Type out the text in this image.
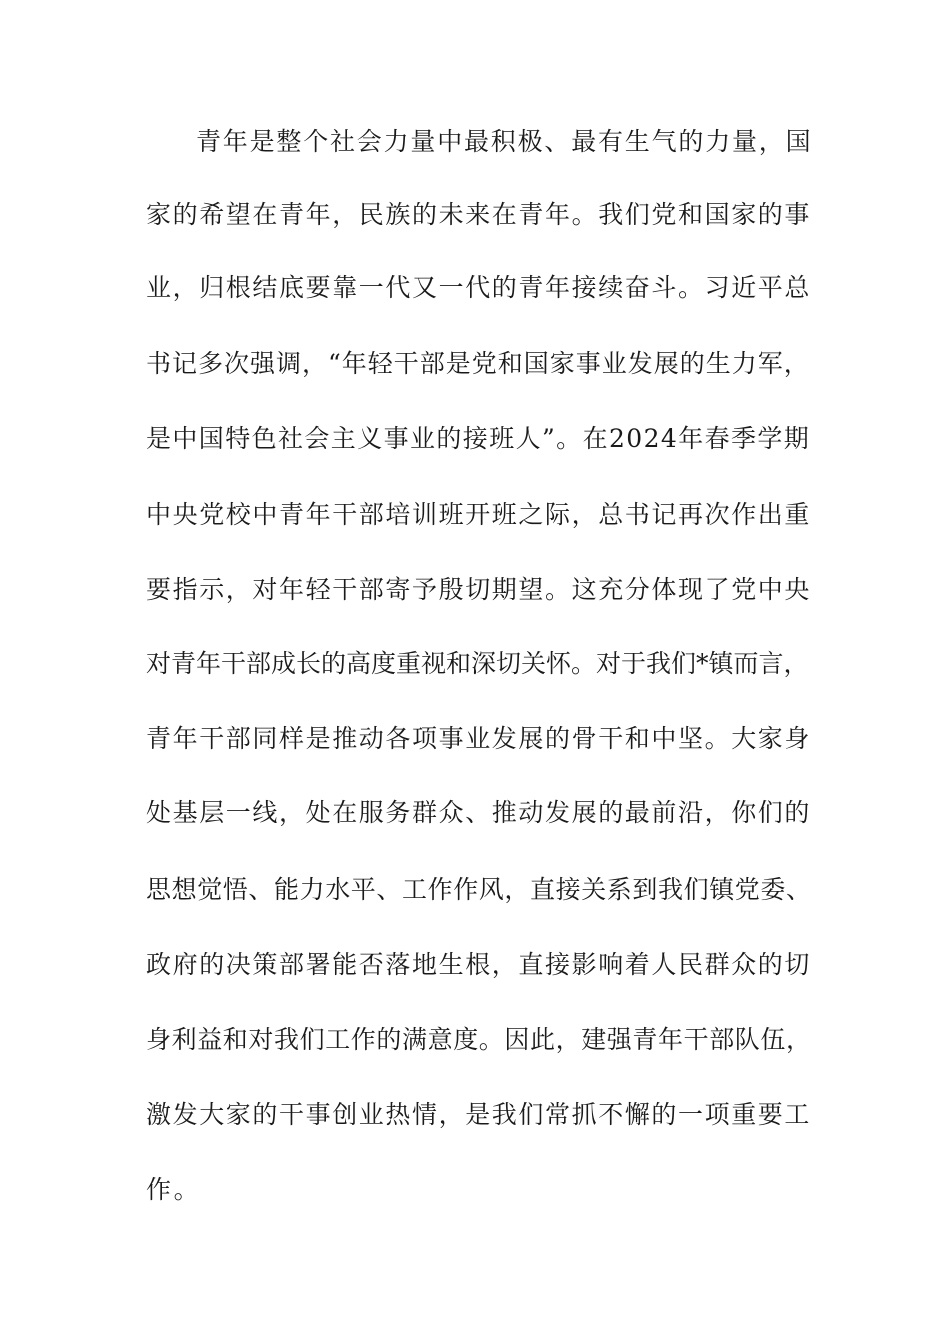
青年是整个社会力量中最积极、最有生气的力量，国
家的希望在青年，民族的未来在青年。我们党和国家的事
业，归根结底要靠一代又一代的青年接续奋斗。习近平总
书记多次强调，“年轻干部是党和国家事业发展的生力军，
是中国特色社会主义事业的接班人”。在2024年春季学期
中央党校中青年干部培训班开班之际，总书记再次作出重
要指示，对年轻干部寄予殷切期望。这充分体现了党中央
对青年干部成长的高度重视和深切关怀。对于我们*镇而言，
青年干部同样是推动各项事业发展的骨干和中坚。大家身
处基层一线，处在服务群众、推动发展的最前沿，你们的
思想觉悟、能力水平、工作作风，直接关系到我们镇党委、
政府的决策部署能否落地生根，直接影响着人民群众的切
身利益和对我们工作的满意度。因此，建强青年干部队伍，
激发大家的干事创业热情，是我们常抓不懈的一项重要工
作。
